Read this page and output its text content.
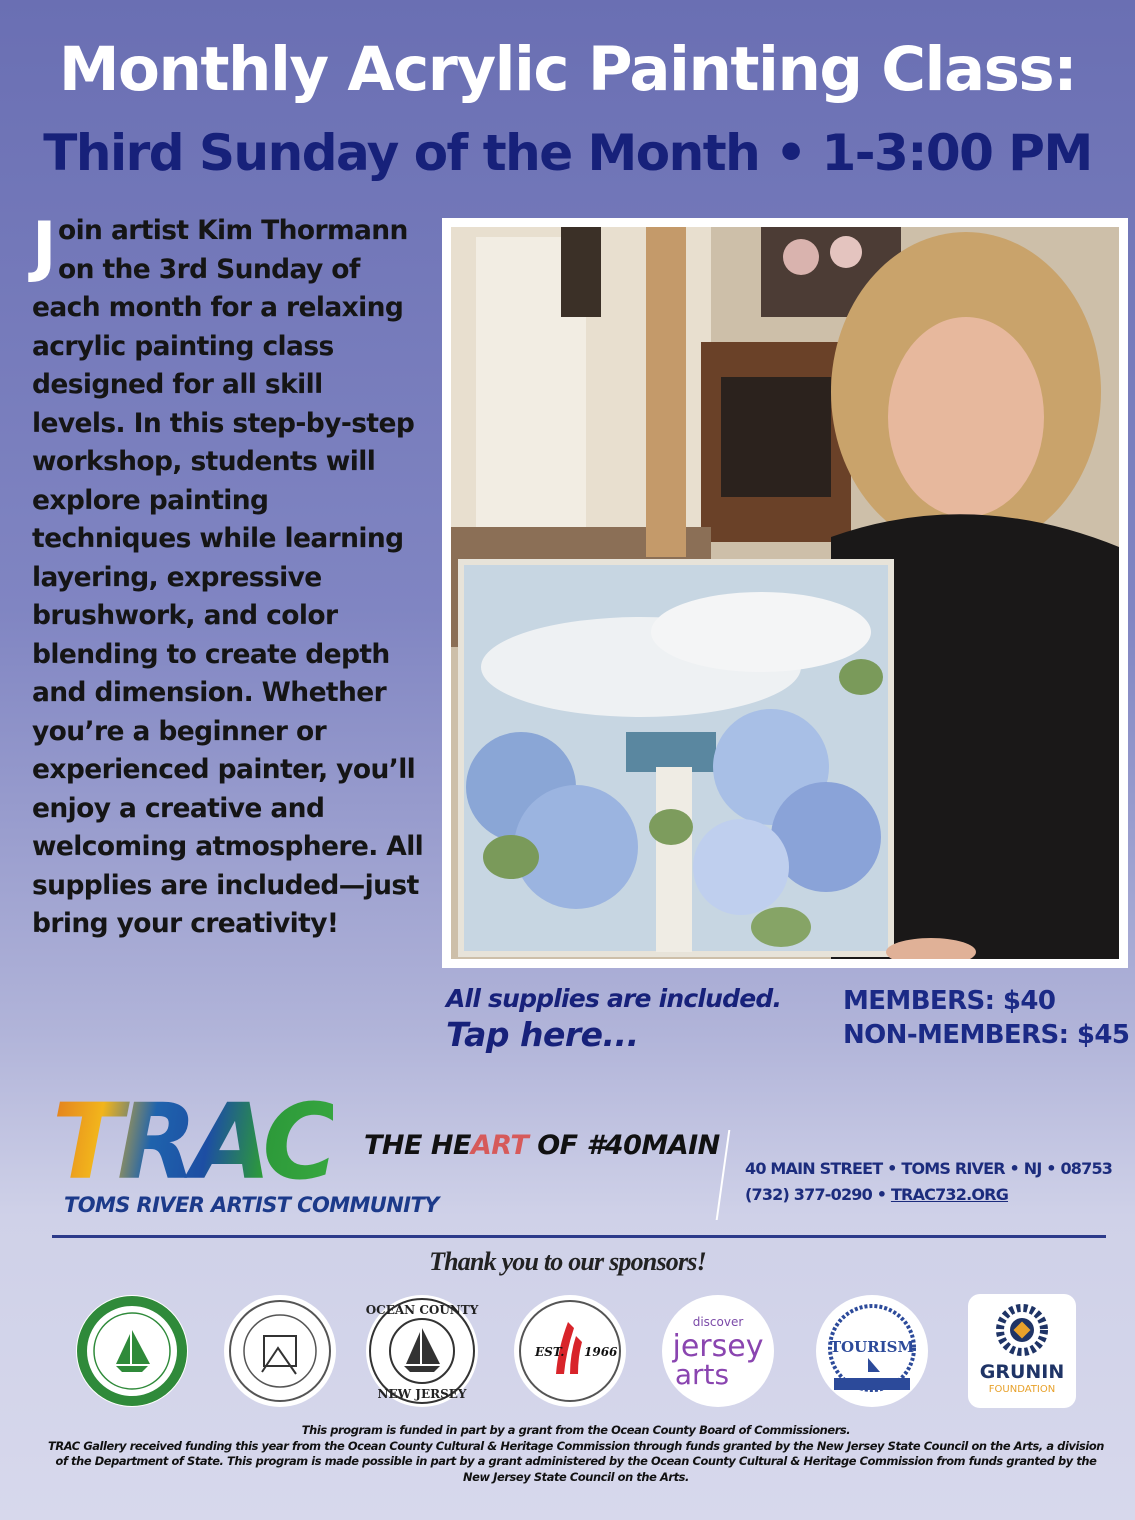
Monthly Acrylic Painting Class:
Third Sunday of the Month • 1-3:00 PM
Join artist Kim Thormann on the 3rd Sunday of each month for a relaxing acrylic painting class designed for all skill levels. In this step-by-step workshop, students will explore painting techniques while learning layering, expressive brushwork, and color blending to create depth and dimension. Whether you’re a beginner or experienced painter, you’ll enjoy a creative and welcoming atmosphere. All supplies are included—just bring your creativity!
All supplies are included.
Tap here...
MEMBERS: $40
NON-MEMBERS: $45
TRAC THE HEART OF #40MAIN
TOMS RIVER ARTIST COMMUNITY
40 MAIN STREET • TOMS RIVER • NJ • 08753
(732) 377-0290 • TRAC732.ORG
Thank you to our sponsors!
OCEAN COUNTY
NEW JERSEY
EST. 1966
discover
jersey
arts
TOURISM
GRUNIN
FOUNDATION
This program is funded in part by a grant from the Ocean County Board of Commissioners.
TRAC Gallery received funding this year from the Ocean County Cultural & Heritage Commission through funds granted by the New Jersey State Council on the Arts, a division of the Department of State. This program is made possible in part by a grant administered by the Ocean County Cultural & Heritage Commission from funds granted by the New Jersey State Council on the Arts.
